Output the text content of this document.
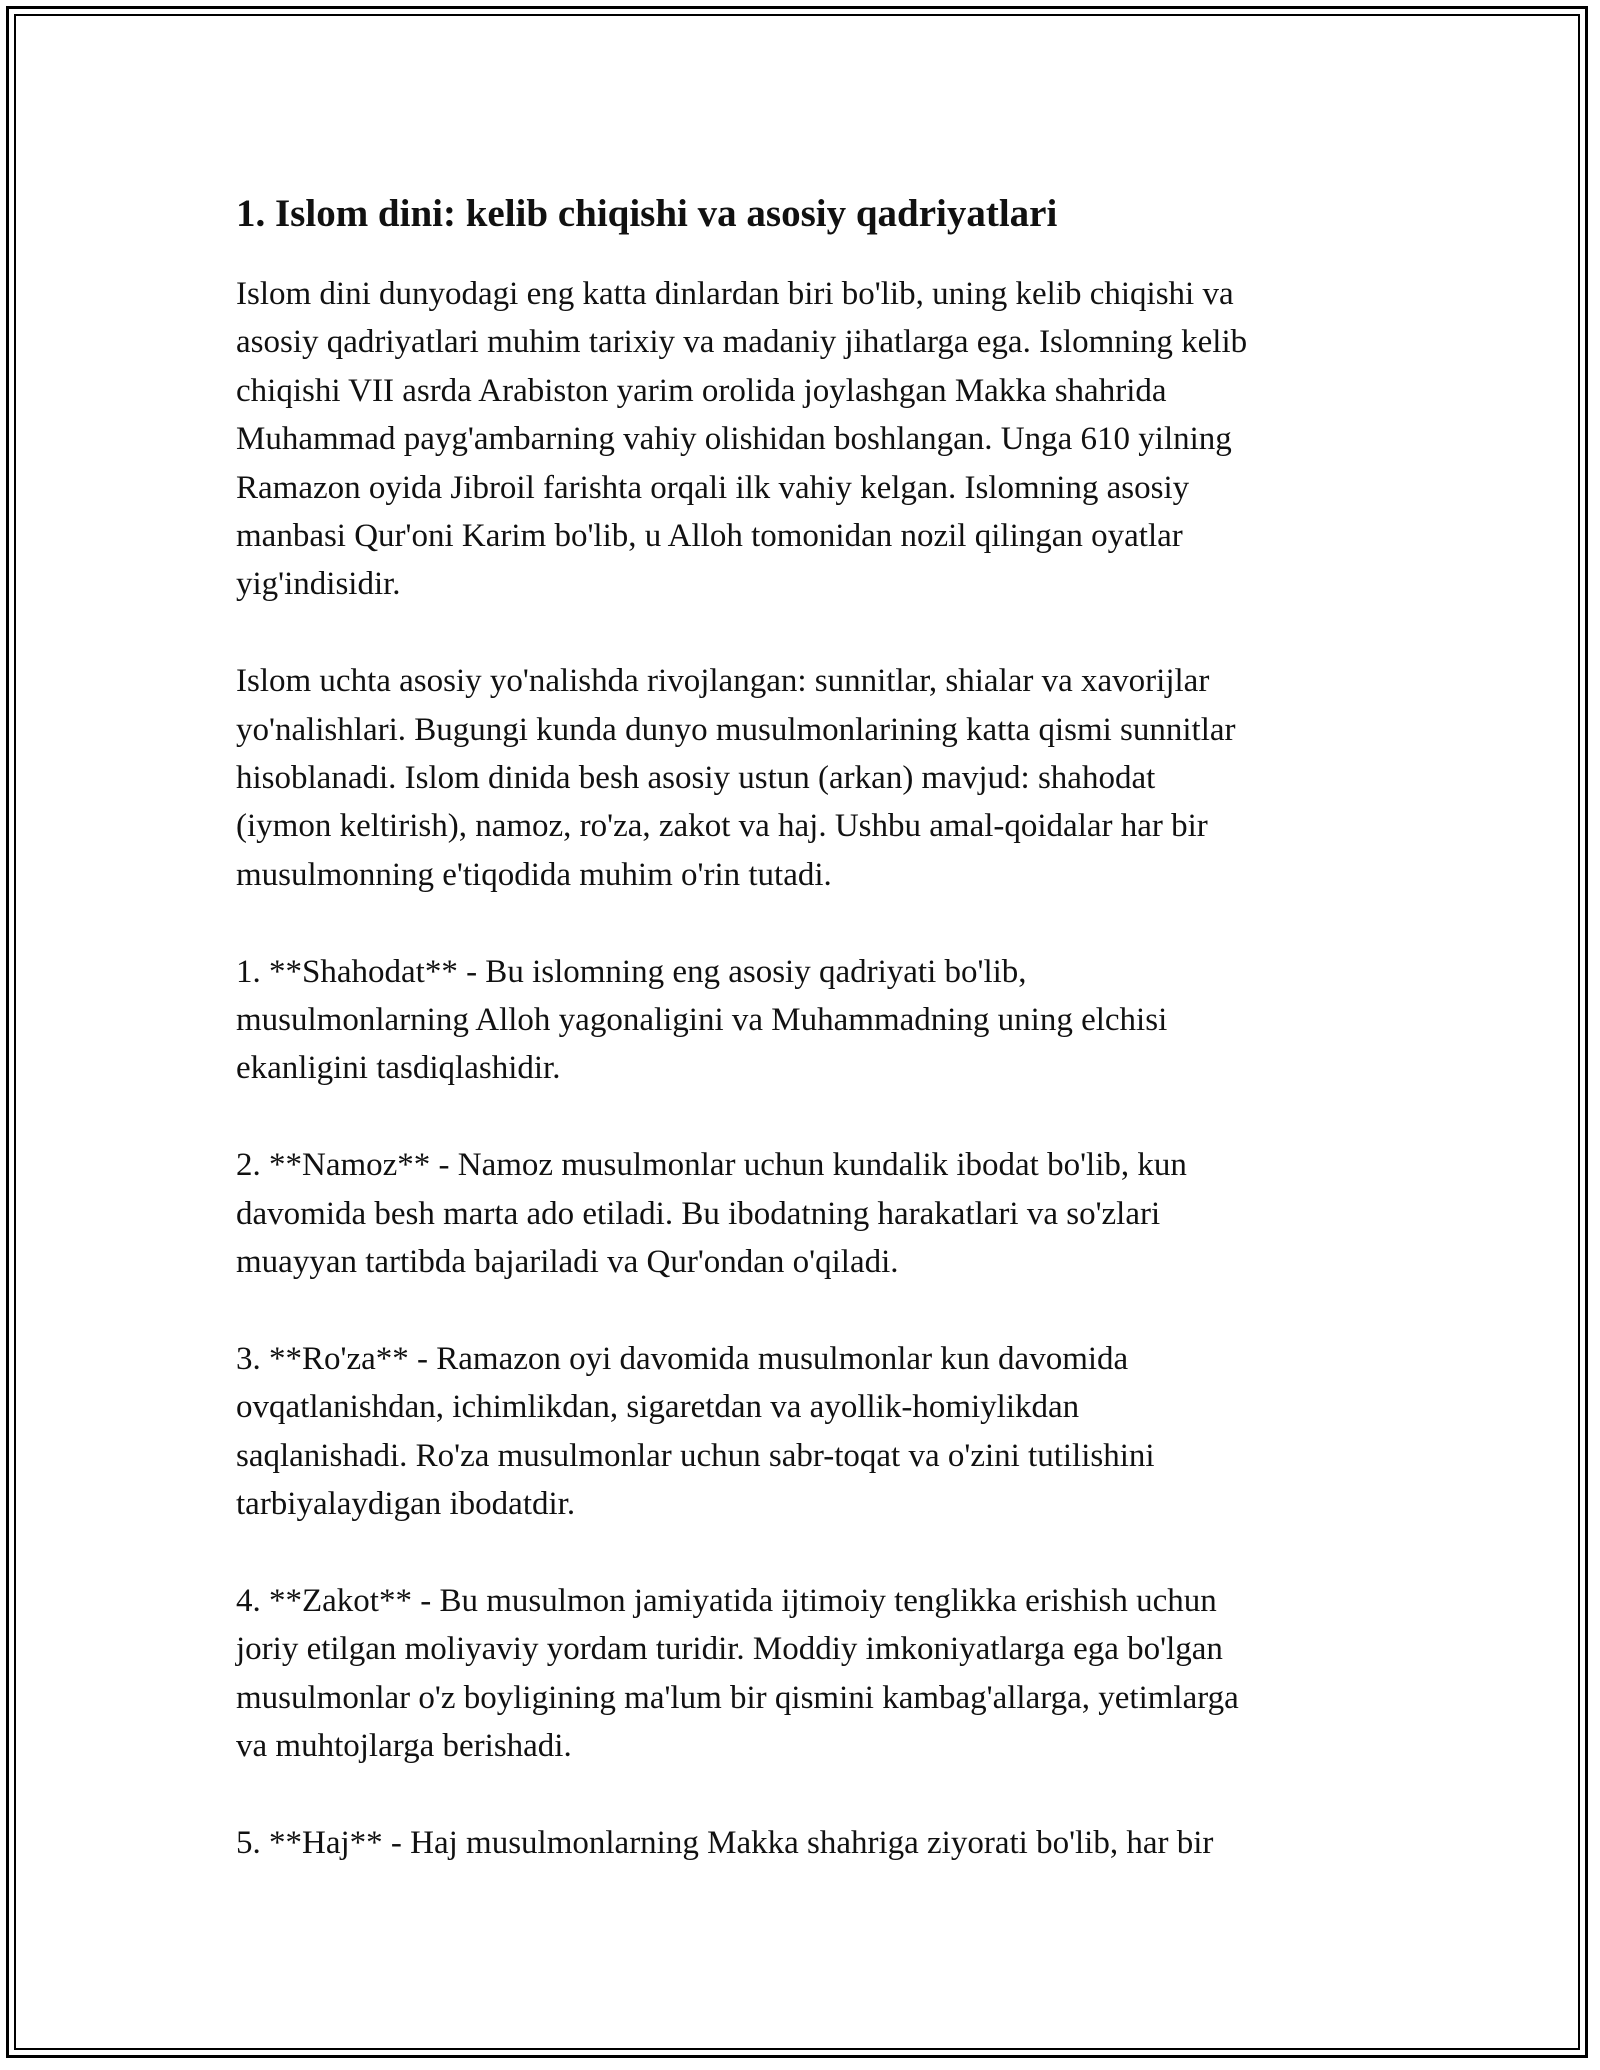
1. Islom dini: kelib chiqishi va asosiy qadriyatlari

Islom dini dunyodagi eng katta dinlardan biri bo'lib, uning kelib chiqishi va
asosiy qadriyatlari muhim tarixiy va madaniy jihatlarga ega. Islomning kelib
chiqishi VII asrda Arabiston yarim orolida joylashgan Makka shahrida
Muhammad payg'ambarning vahiy olishidan boshlangan. Unga 610 yilning
Ramazon oyida Jibroil farishta orqali ilk vahiy kelgan. Islomning asosiy
manbasi Qur'oni Karim bo'lib, u Alloh tomonidan nozil qilingan oyatlar
yig'indisidir.

Islom uchta asosiy yo'nalishda rivojlangan: sunnitlar, shialar va xavorijlar
yo'nalishlari. Bugungi kunda dunyo musulmonlarining katta qismi sunnitlar
hisoblanadi. Islom dinida besh asosiy ustun (arkan) mavjud: shahodat
(iymon keltirish), namoz, ro'za, zakot va haj. Ushbu amal-qoidalar har bir
musulmonning e'tiqodida muhim o'rin tutadi.

1. **Shahodat** - Bu islomning eng asosiy qadriyati bo'lib,
musulmonlarning Alloh yagonaligini va Muhammadning uning elchisi
ekanligini tasdiqlashidir.

2. **Namoz** - Namoz musulmonlar uchun kundalik ibodat bo'lib, kun
davomida besh marta ado etiladi. Bu ibodatning harakatlari va so'zlari
muayyan tartibda bajariladi va Qur'ondan o'qiladi.

3. **Ro'za** - Ramazon oyi davomida musulmonlar kun davomida
ovqatlanishdan, ichimlikdan, sigaretdan va ayollik-homiylikdan
saqlanishadi. Ro'za musulmonlar uchun sabr-toqat va o'zini tutilishini
tarbiyalaydigan ibodatdir.

4. **Zakot** - Bu musulmon jamiyatida ijtimoiy tenglikka erishish uchun
joriy etilgan moliyaviy yordam turidir. Moddiy imkoniyatlarga ega bo'lgan
musulmonlar o'z boyligining ma'lum bir qismini kambag'allarga, yetimlarga
va muhtojlarga berishadi.

5. **Haj** - Haj musulmonlarning Makka shahriga ziyorati bo'lib, har bir
